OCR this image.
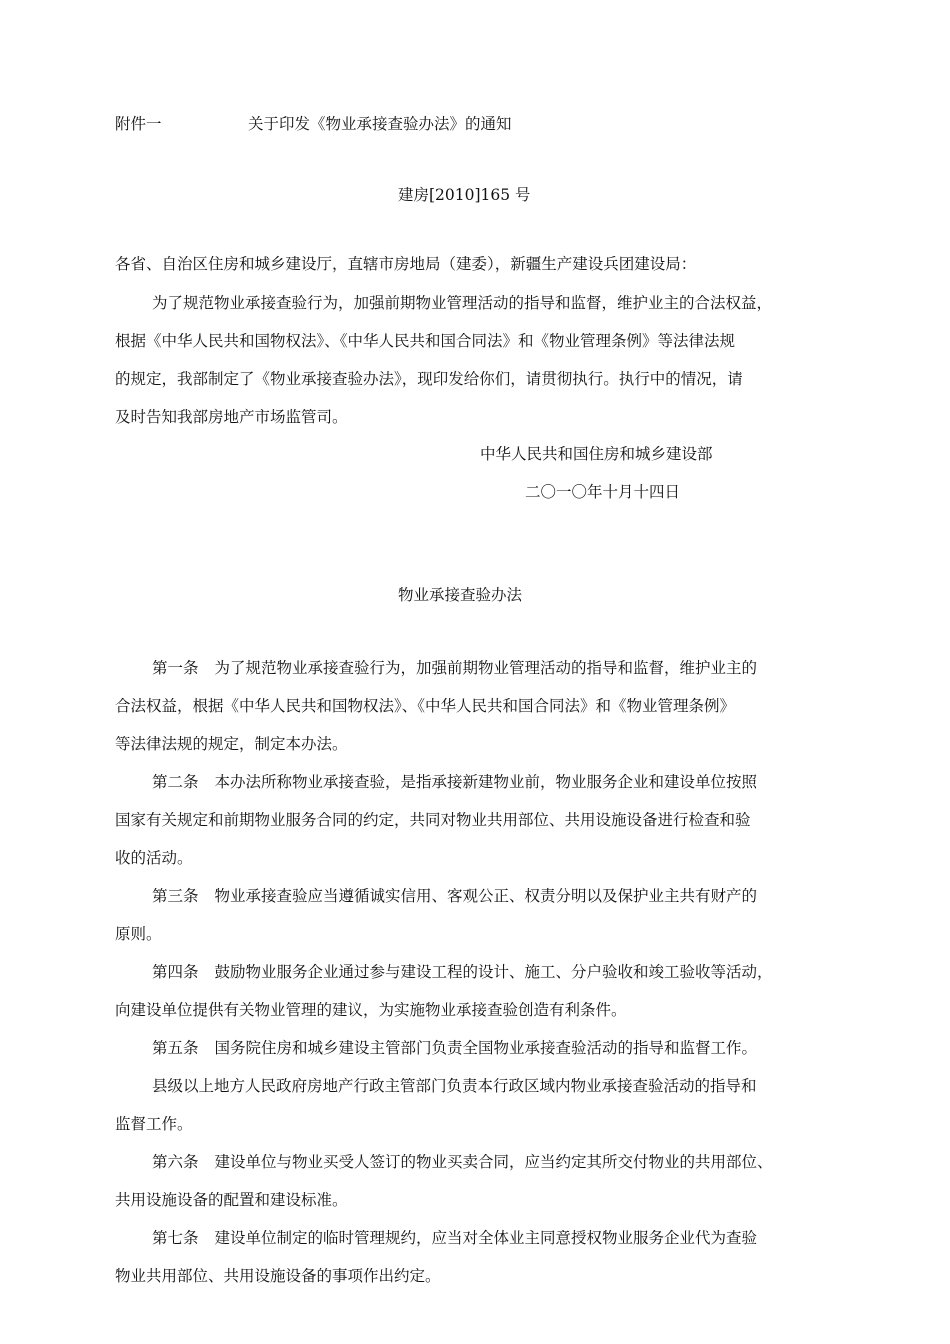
附件一	关于印发《物业承接查验办法》的通知
建房[2010]165 号
各省、自治区住房和城乡建设厅，直辖市房地局（建委），新疆生产建设兵团建设局：
为了规范物业承接查验行为，加强前期物业管理活动的指导和监督，维护业主的合法权益，
根据《中华人民共和国物权法》、《中华人民共和国合同法》和《物业管理条例》等法律法规
的规定，我部制定了《物业承接查验办法》，现印发给你们，请贯彻执行。执行中的情况，请
及时告知我部房地产市场监管司。
中华人民共和国住房和城乡建设部
二〇一〇年十月十四日
物业承接查验办法
第一条 为了规范物业承接查验行为，加强前期物业管理活动的指导和监督，维护业主的
合法权益，根据《中华人民共和国物权法》、《中华人民共和国合同法》和《物业管理条例》
等法律法规的规定，制定本办法。
第二条 本办法所称物业承接查验，是指承接新建物业前，物业服务企业和建设单位按照
国家有关规定和前期物业服务合同的约定，共同对物业共用部位、共用设施设备进行检查和验
收的活动。
第三条 物业承接查验应当遵循诚实信用、客观公正、权责分明以及保护业主共有财产的
原则。
第四条 鼓励物业服务企业通过参与建设工程的设计、施工、分户验收和竣工验收等活动，
向建设单位提供有关物业管理的建议，为实施物业承接查验创造有利条件。
第五条 国务院住房和城乡建设主管部门负责全国物业承接查验活动的指导和监督工作。
县级以上地方人民政府房地产行政主管部门负责本行政区域内物业承接查验活动的指导和
监督工作。
第六条 建设单位与物业买受人签订的物业买卖合同，应当约定其所交付物业的共用部位、
共用设施设备的配置和建设标准。
第七条 建设单位制定的临时管理规约，应当对全体业主同意授权物业服务企业代为查验
物业共用部位、共用设施设备的事项作出约定。
